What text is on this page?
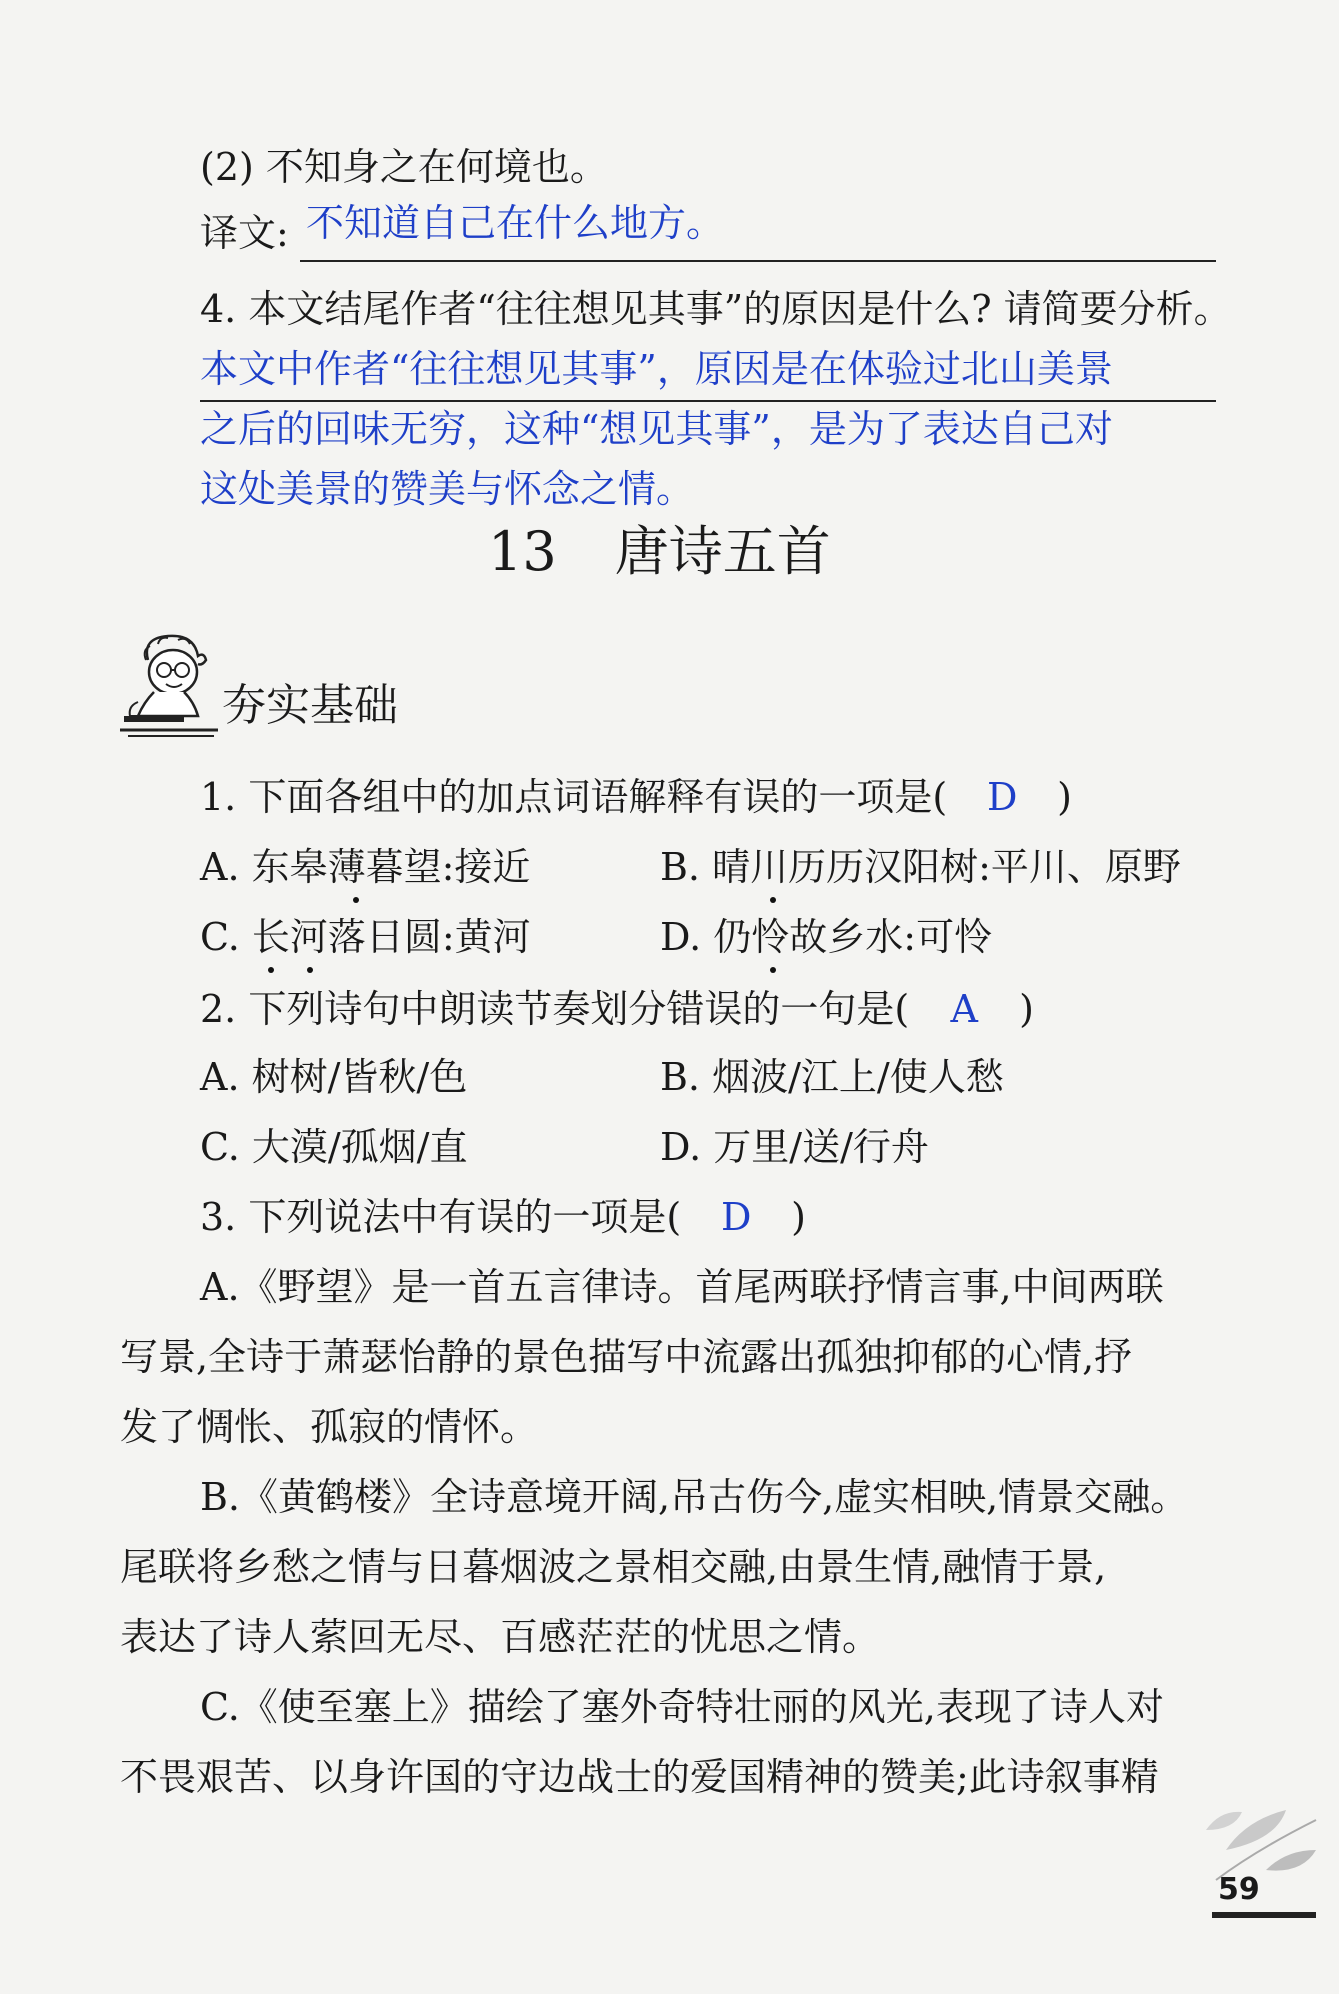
(2) 不知身之在何境也。
译文: 不知道自己在什么地方。
4. 本文结尾作者“往往想见其事”的原因是什么? 请简要分析。
本文中作者“往往想见其事”，原因是在体验过北山美景
之后的回味无穷，这种“想见其事”，是为了表达自己对
这处美景的赞美与怀念之情。
13 唐诗五首
夯实基础
1. 下面各组中的加点词语解释有误的一项是( D )
A. 东皋薄暮望:接近	B. 晴川历历汉阳树:平川、原野
C. 长河落日圆:黄河	D. 仍怜故乡水:可怜
2. 下列诗句中朗读节奏划分错误的一句是( A )
A. 树树/皆秋/色	B. 烟波/江上/使人愁
C. 大漠/孤烟/直	D. 万里/送/行舟
3. 下列说法中有误的一项是( D )
A.《野望》是一首五言律诗。首尾两联抒情言事,中间两联
写景,全诗于萧瑟怡静的景色描写中流露出孤独抑郁的心情,抒
发了惆怅、孤寂的情怀。
B.《黄鹤楼》全诗意境开阔,吊古伤今,虚实相映,情景交融。
尾联将乡愁之情与日暮烟波之景相交融,由景生情,融情于景,
表达了诗人萦回无尽、百感茫茫的忧思之情。
C.《使至塞上》描绘了塞外奇特壮丽的风光,表现了诗人对
不畏艰苦、以身许国的守边战士的爱国精神的赞美;此诗叙事精
59
